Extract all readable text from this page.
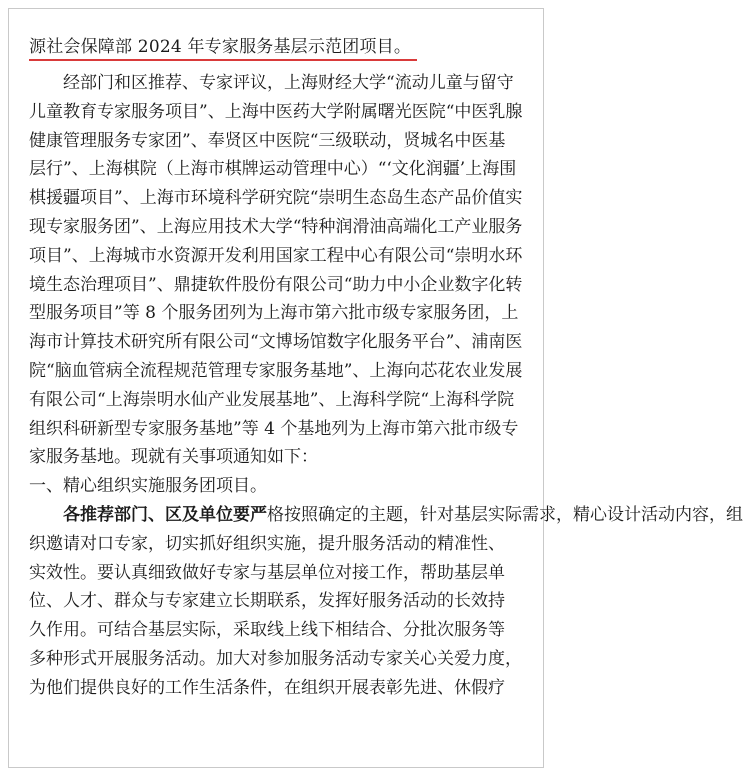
源社会保障部 2024 年专家服务基层示范团项目。
经部门和区推荐、专家评议，上海财经大学“流动儿童与留守
儿童教育专家服务项目”、上海中医药大学附属曙光医院“中医乳腺
健康管理服务专家团”、奉贤区中医院“三级联动，贤城名中医基
层行”、上海棋院（上海市棋牌运动管理中心）“‘文化润疆’上海围
棋援疆项目”、上海市环境科学研究院“崇明生态岛生态产品价值实
现专家服务团”、上海应用技术大学“特种润滑油高端化工产业服务
项目”、上海城市水资源开发利用国家工程中心有限公司“崇明水环
境生态治理项目”、鼎捷软件股份有限公司“助力中小企业数字化转
型服务项目”等 8 个服务团列为上海市第六批市级专家服务团，上
海市计算技术研究所有限公司“文博场馆数字化服务平台”、浦南医
院“脑血管病全流程规范管理专家服务基地”、上海向芯花农业发展
有限公司“上海崇明水仙产业发展基地”、上海科学院“上海科学院
组织科研新型专家服务基地”等 4 个基地列为上海市第六批市级专
家服务基地。现就有关事项通知如下：
一、精心组织实施服务团项目。
各推荐部门、区及单位要严格按照确定的主题，针对基层实际需求，精心设计活动内容，组
织邀请对口专家，切实抓好组织实施，提升服务活动的精准性、
实效性。要认真细致做好专家与基层单位对接工作，帮助基层单
位、人才、群众与专家建立长期联系，发挥好服务活动的长效持
久作用。可结合基层实际，采取线上线下相结合、分批次服务等
多种形式开展服务活动。加大对参加服务活动专家关心关爱力度，
为他们提供良好的工作生活条件，在组织开展表彰先进、休假疗
